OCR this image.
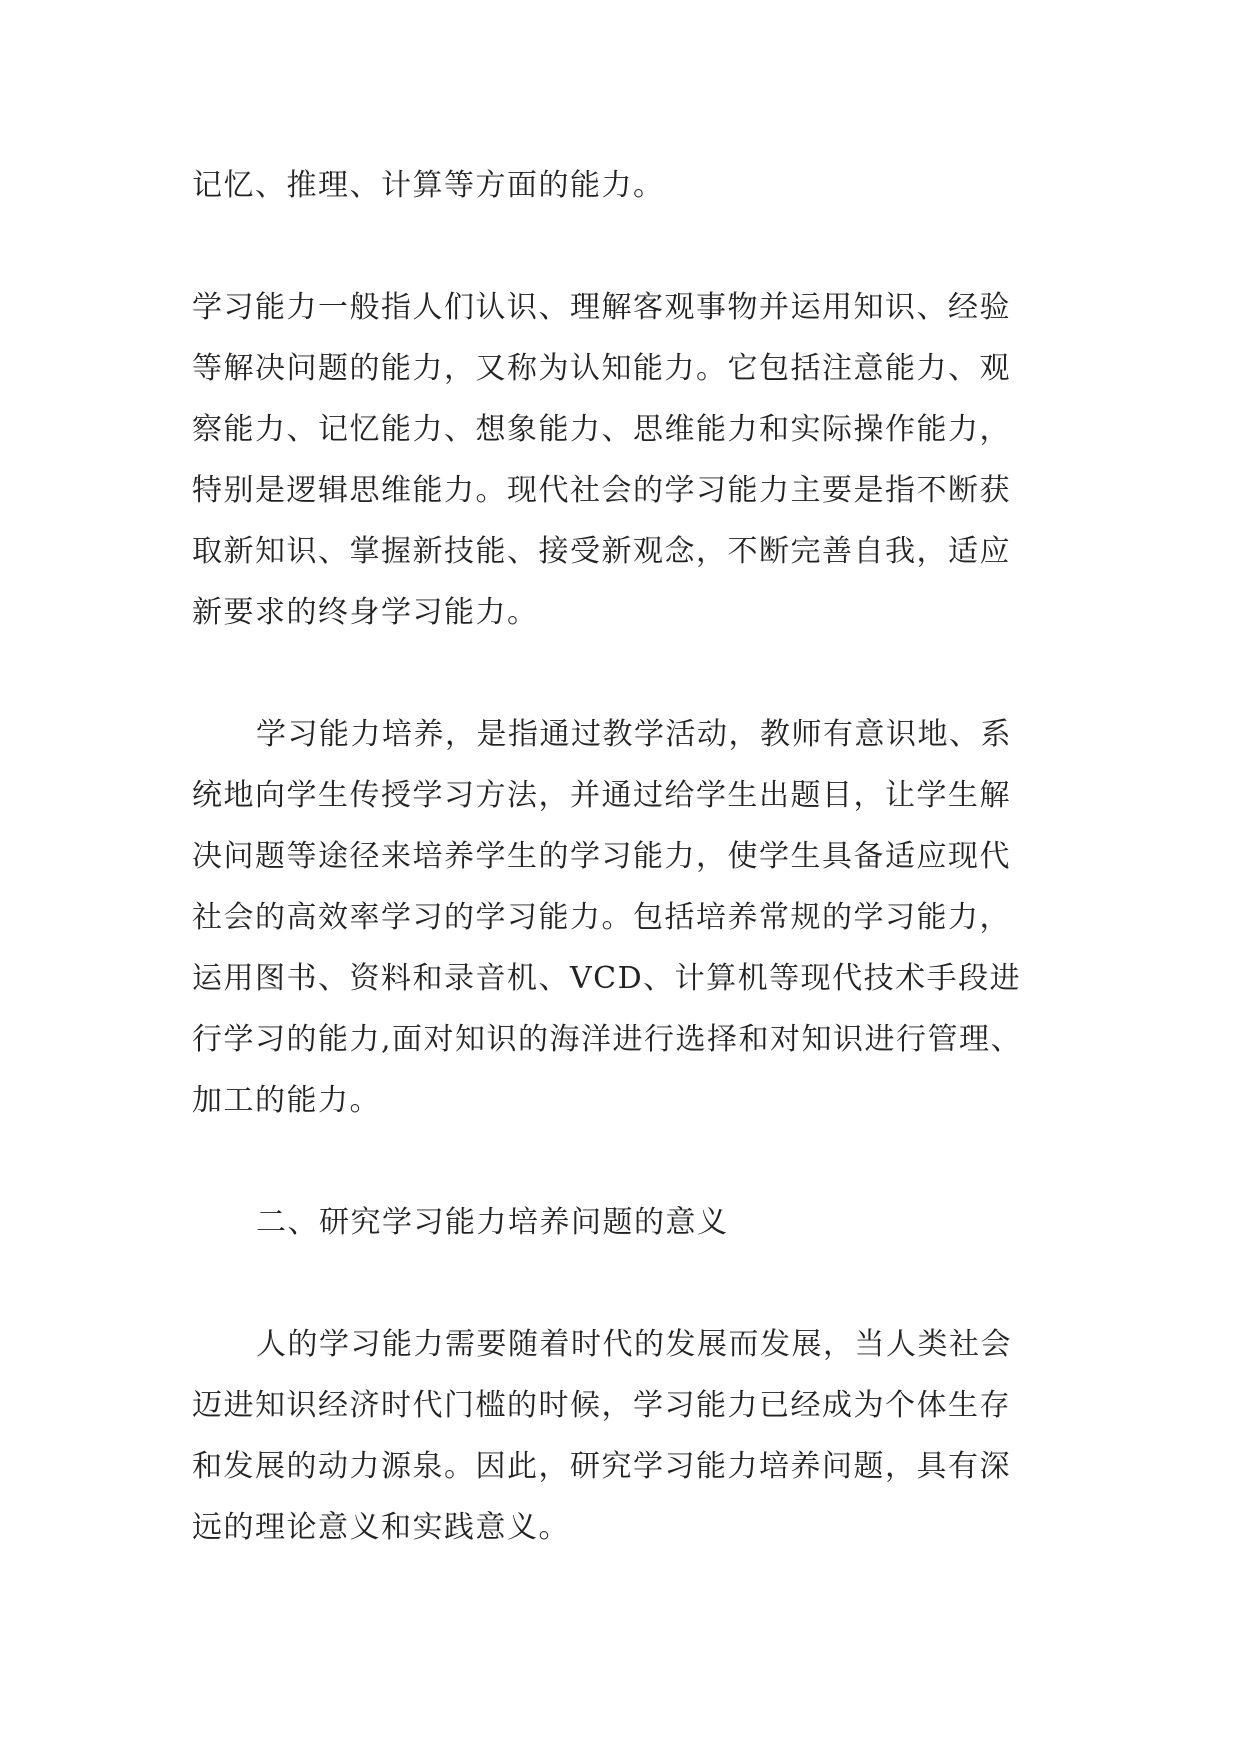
记忆、推理、计算等方面的能力。
学习能力一般指人们认识、理解客观事物并运用知识、经验
等解决问题的能力，又称为认知能力。它包括注意能力、观
察能力、记忆能力、想象能力、思维能力和实际操作能力，
特别是逻辑思维能力。现代社会的学习能力主要是指不断获
取新知识、掌握新技能、接受新观念，不断完善自我，适应
新要求的终身学习能力。
学习能力培养，是指通过教学活动，教师有意识地、系
统地向学生传授学习方法，并通过给学生出题目，让学生解
决问题等途径来培养学生的学习能力，使学生具备适应现代
社会的高效率学习的学习能力。包括培养常规的学习能力，
运用图书、资料和录音机、VCD、计算机等现代技术手段进
行学习的能力,面对知识的海洋进行选择和对知识进行管理、
加工的能力。
二、研究学习能力培养问题的意义
人的学习能力需要随着时代的发展而发展，当人类社会
迈进知识经济时代门槛的时候，学习能力已经成为个体生存
和发展的动力源泉。因此，研究学习能力培养问题，具有深
远的理论意义和实践意义。
